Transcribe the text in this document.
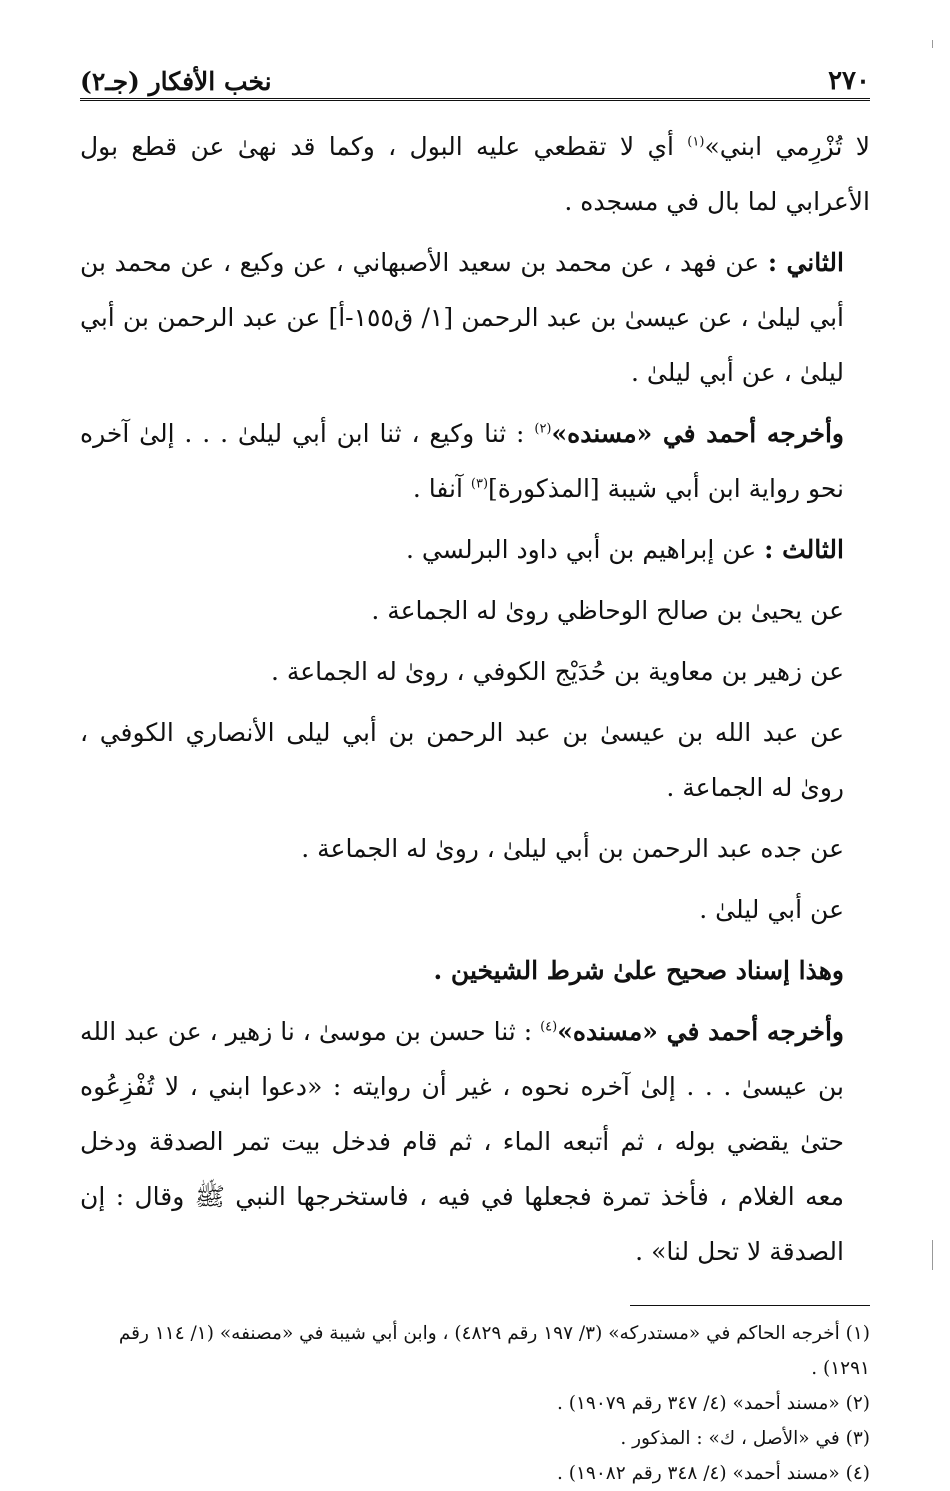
٢٧٠
نخب الأفكار (جـ٢)

لا تُزْرِمي ابني»$^{(١)}$ أي لا تقطعي عليه البول ، وكما قد نهىٰ عن قطع بول الأعرابي لما بال في مسجده .

الثاني : عن فهد ، عن محمد بن سعيد الأصبهاني ، عن وكيع ، عن محمد بن أبي ليلىٰ ، عن عيسىٰ بن عبد الرحمن [١/ ق١٥٥-أ] عن عبد الرحمن بن أبي ليلىٰ ، عن أبي ليلىٰ .

وأخرجه أحمد في «مسنده»$^{(٢)}$ : ثنا وكيع ، ثنا ابن أبي ليلىٰ . . . إلىٰ آخره نحو رواية ابن أبي شيبة [المذكورة]$^{(٣)}$ آنفا .

الثالث : عن إبراهيم بن أبي داود البرلسي .

عن يحيىٰ بن صالح الوحاظي روىٰ له الجماعة .

عن زهير بن معاوية بن حُدَيْج الكوفي ، روىٰ له الجماعة .

عن عبد الله بن عيسىٰ بن عبد الرحمن بن أبي ليلى الأنصاري الكوفي ، روىٰ له الجماعة .

عن جده عبد الرحمن بن أبي ليلىٰ ، روىٰ له الجماعة .

عن أبي ليلىٰ .

وهذا إسناد صحيح علىٰ شرط الشيخين .

وأخرجه أحمد في «مسنده»$^{(٤)}$ : ثنا حسن بن موسىٰ ، نا زهير ، عن عبد الله بن عيسىٰ . . . إلىٰ آخره نحوه ، غير أن روايته : «دعوا ابني ، لا تُفْزِعُوه حتىٰ يقضي بوله ، ثم أتبعه الماء ، ثم قام فدخل بيت تمر الصدقة ودخل معه الغلام ، فأخذ تمرة فجعلها في فيه ، فاستخرجها النبي ﷺ وقال : إن الصدقة لا تحل لنا» .

(١) أخرجه الحاكم في «مستدركه» (٣/ ١٩٧ رقم ٤٨٢٩) ، وابن أبي شيبة في «مصنفه» (١/ ١١٤ رقم ١٢٩١) .

(٢) «مسند أحمد» (٤/ ٣٤٧ رقم ١٩٠٧٩) .

(٣) في «الأصل ، ك» : المذكور .

(٤) «مسند أحمد» (٤/ ٣٤٨ رقم ١٩٠٨٢) .
